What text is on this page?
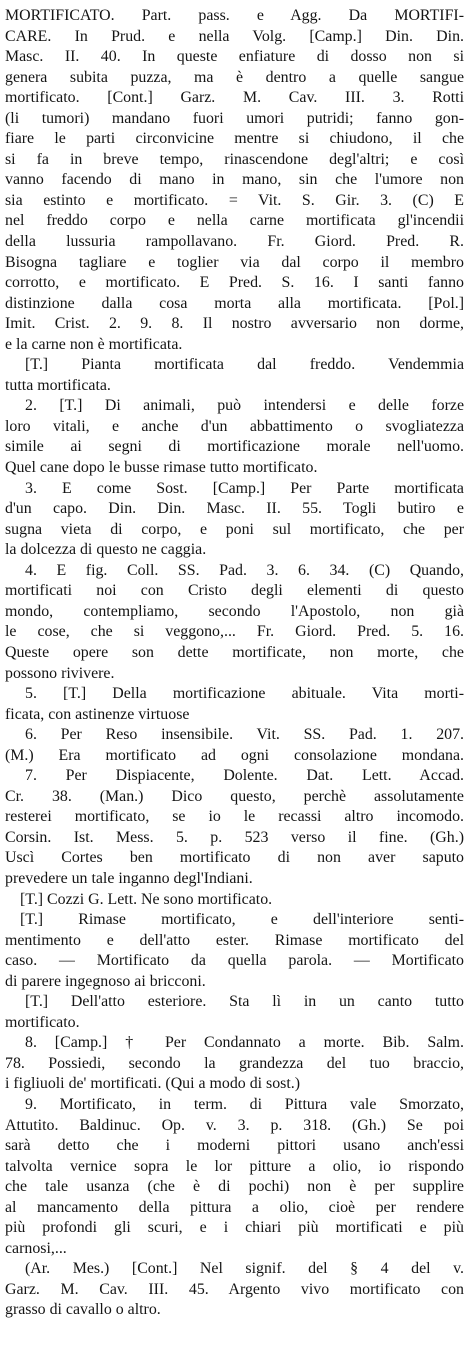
MORTIFICATO. Part. pass. e Agg. Da MORTIFI-
CARE. In Prud. e nella Volg. [Camp.] Din. Din.
Masc. II. 40. In queste enfiature di dosso non si
genera subita puzza, ma è dentro a quelle sangue
mortificato. [Cont.] Garz. M. Cav. III. 3. Rotti
(li tumori) mandano fuori umori putridi; fanno gon-
fiare le parti circonvicine mentre si chiudono, il che
si fa in breve tempo, rinascendone degl'altri; e così
vanno facendo di mano in mano, sin che l'umore non
sia estinto e mortificato. = Vit. S. Gir. 3. (C) E
nel freddo corpo e nella carne mortificata gl'incendii
della lussuria rampollavano. Fr. Giord. Pred. R.
Bisogna tagliare e toglier via dal corpo il membro
corrotto, e mortificato. E Pred. S. 16. I santi fanno
distinzione dalla cosa morta alla mortificata. [Pol.]
Imit. Crist. 2. 9. 8. Il nostro avversario non dorme,
e la carne non è mortificata.
[T.] Pianta mortificata dal freddo. Vendemmia
tutta mortificata.
2. [T.] Di animali, può intendersi e delle forze
loro vitali, e anche d'un abbattimento o svogliatezza
simile ai segni di mortificazione morale nell'uomo.
Quel cane dopo le busse rimase tutto mortificato.
3. E come Sost. [Camp.] Per Parte mortificata
d'un capo. Din. Din. Masc. II. 55. Togli butiro e
sugna vieta di corpo, e poni sul mortificato, che per
la dolcezza di questo ne caggia.
4. E fig. Coll. SS. Pad. 3. 6. 34. (C) Quando,
mortificati noi con Cristo degli elementi di questo
mondo, contempliamo, secondo l'Apostolo, non già
le cose, che si veggono,... Fr. Giord. Pred. 5. 16.
Queste opere son dette mortificate, non morte, che
possono rivivere.
5. [T.] Della mortificazione abituale. Vita morti-
ficata, con astinenze virtuose
6. Per Reso insensibile. Vit. SS. Pad. 1. 207.
(M.) Era mortificato ad ogni consolazione mondana.
7. Per Dispiacente, Dolente. Dat. Lett. Accad.
Cr. 38. (Man.) Dico questo, perchè assolutamente
resterei mortificato, se io le recassi altro incomodo.
Corsin. Ist. Mess. 5. p. 523 verso il fine. (Gh.)
Uscì Cortes ben mortificato di non aver saputo
prevedere un tale inganno degl'Indiani.
[T.] Cozzi G. Lett. Ne sono mortificato.
[T.] Rimase mortificato, e dell'interiore senti-
mentimento e dell'atto ester. Rimase mortificato del
caso. — Mortificato da quella parola. — Mortificato
di parere ingegnoso ai bricconi.
[T.] Dell'atto esteriore. Sta lì in un canto tutto
mortificato.
8. [Camp.] † Per Condannato a morte. Bib. Salm.
78. Possiedi, secondo la grandezza del tuo braccio,
i figliuoli de' mortificati. (Qui a modo di sost.)
9. Mortificato, in term. di Pittura vale Smorzato,
Attutito. Baldinuc. Op. v. 3. p. 318. (Gh.) Se poi
sarà detto che i moderni pittori usano anch'essi
talvolta vernice sopra le lor pitture a olio, io rispondo
che tale usanza (che è di pochi) non è per supplire
al mancamento della pittura a olio, cioè per rendere
più profondi gli scuri, e i chiari più mortificati e più
carnosi,...
(Ar. Mes.) [Cont.] Nel signif. del § 4 del v.
Garz. M. Cav. III. 45. Argento vivo mortificato con
grasso di cavallo o altro.
